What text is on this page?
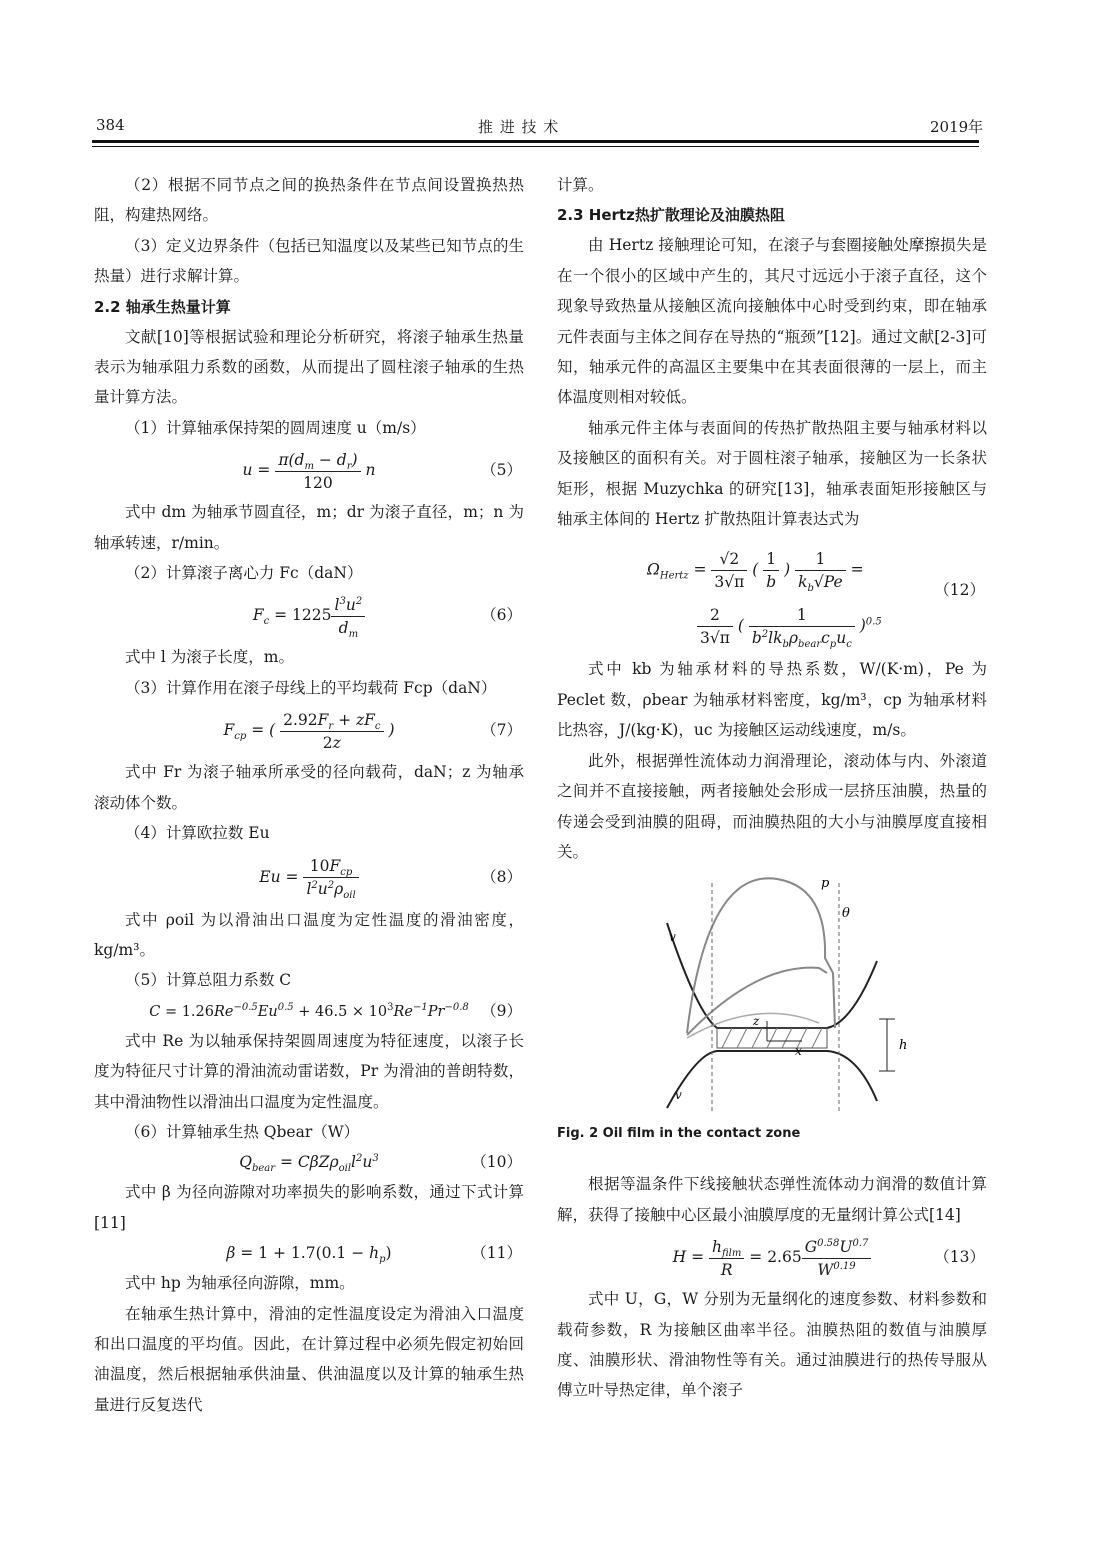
384	推 进 技 术	2019年

（2）根据不同节点之间的换热条件在节点间设置换热热阻，构建热网络。

（3）定义边界条件（包括已知温度以及某些已知节点的生热量）进行求解计算。

2.2 轴承生热量计算

文献[10]等根据试验和理论分析研究，将滚子轴承生热量表示为轴承阻力系数的函数，从而提出了圆柱滚子轴承的生热量计算方法。

（1）计算轴承保持架的圆周速度 u（m/s）

$u = \frac{\pi(d_m - d_r)}{120}$ n	（5）

式中 dm 为轴承节圆直径，m；dr 为滚子直径，m；n 为轴承转速，r/min。

（2）计算滚子离心力 Fc（daN）

$F_c = 1225 \frac{l^3u^2}{d_m}$	（6）

式中 l 为滚子长度，m。

（3）计算作用在滚子母线上的平均载荷 Fcp（daN）

$F_{cp}$ = ( $\frac{2.92F_r + zF_c}{2z}$ )	（7）

式中 Fr 为滚子轴承所承受的径向载荷，daN；z 为轴承滚动体个数。

（4）计算欧拉数 Eu

$Eu = \frac{10F_{cp}}{l^2u^2\rho_{oil}}$	（8）

式中 ρoil 为以滑油出口温度为定性温度的滑油密度，kg/m³。

（5）计算总阻力系数 C

$C = 1.26Re^{-0.5}Eu^{0.5} + 46.5 \times 10^3Re^{-1}Pr^{-0.8}$ （9）

式中 Re 为以轴承保持架圆周速度为特征速度，以滚子长度为特征尺寸计算的滑油流动雷诺数，Pr 为滑油的普朗特数，其中滑油物性以滑油出口温度为定性温度。

（6）计算轴承生热 Qbear（W）

$Q_{bear} = C\beta Z\rho_{oil}l^2u^3$	（10）

式中 β 为径向游隙对功率损失的影响系数，通过下式计算[11]

$\beta = 1 + 1.7(0.1 - h_p)$	（11）

式中 hp 为轴承径向游隙，mm。

在轴承生热计算中，滑油的定性温度设定为滑油入口温度和出口温度的平均值。因此，在计算过程中必须先假定初始回油温度，然后根据轴承供油量、供油温度以及计算的轴承生热量进行反复迭代

计算。

2.3 Hertz热扩散理论及油膜热阻

由 Hertz 接触理论可知，在滚子与套圈接触处摩擦损失是在一个很小的区域中产生的，其尺寸远远小于滚子直径，这个现象导致热量从接触区流向接触体中心时受到约束，即在轴承元件表面与主体之间存在导热的“瓶颈”[12]。通过文献[2-3]可知，轴承元件的高温区主要集中在其表面很薄的一层上，而主体温度则相对较低。

轴承元件主体与表面间的传热扩散热阻主要与轴承材料以及接触区的面积有关。对于圆柱滚子轴承，接触区为一长条状矩形，根据 Muzychka 的研究[13]，轴承表面矩形接触区与轴承主体间的 Hertz 扩散热阻计算表达式为

$\Omega_{Hertz} = \frac{√2}{3√\pi}$ ( $\frac{1}{b}$ ) $\frac{1}{k_b√Pe}$ =
$\frac{2}{3√\pi}$ ( $\frac{1}{b^2lk_b\rho_{bear}c_pu_c} )^{0.5}$
（12）

式中 kb 为轴承材料的导热系数，W/(K·m)，Pe 为 Peclet 数，ρbear 为轴承材料密度，kg/m³，cp 为轴承材料比热容，J/(kg·K)，uc 为接触区运动线速度，m/s。

此外，根据弹性流体动力润滑理论，滚动体与内、外滚道之间并不直接接触，两者接触处会形成一层挤压油膜，热量的传递会受到油膜的阻碍，而油膜热阻的大小与油膜厚度直接相关。

p
θ
v
v
z
x	h

Fig. 2 Oil film in the contact zone

根据等温条件下线接触状态弹性流体动力润滑的数值计算解，获得了接触中心区最小油膜厚度的无量纲计算公式[14]

$H = \frac{h_{film}}{R} = 2.65 \frac{G^{0.58}U^{0.7}}{W^{0.19}}$	（13）

式中 U，G，W 分别为无量纲化的速度参数、材料参数和载荷参数，R 为接触区曲率半径。油膜热阻的数值与油膜厚度、油膜形状、滑油物性等有关。通过油膜进行的热传导服从傅立叶导热定律，单个滚子
